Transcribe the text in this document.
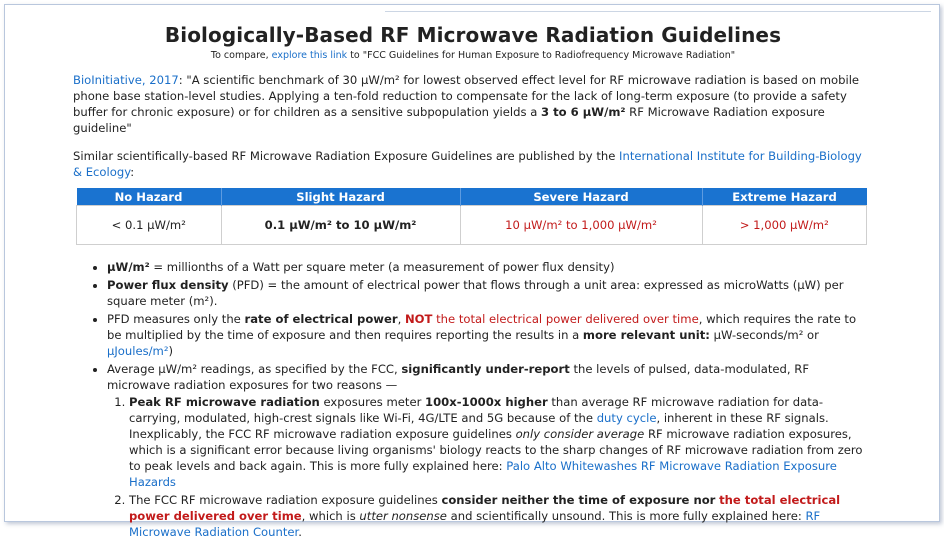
Biologically-Based RF Microwave Radiation Guidelines
To compare, explore this link to "FCC Guidelines for Human Exposure to Radiofrequency Microwave Radiation"

BioInitiative, 2017: "A scientific benchmark of 30 μW/m² for lowest observed effect level for RF microwave radiation is based on mobile phone base station-level studies. Applying a ten-fold reduction to compensate for the lack of long-term exposure (to provide a safety buffer for chronic exposure) or for children as a sensitive subpopulation yields a 3 to 6 μW/m² RF Microwave Radiation exposure guideline"

Similar scientifically-based RF Microwave Radiation Exposure Guidelines are published by the International Institute for Building-Biology & Ecology:

No Hazard	Slight Hazard	Severe Hazard	Extreme Hazard
< 0.1 μW/m²	0.1 μW/m² to 10 μW/m²	10 μW/m² to 1,000 μW/m²	> 1,000 μW/m²
• μW/m² = millionths of a Watt per square meter (a measurement of power flux density)
• Power flux density (PFD) = the amount of electrical power that flows through a unit area: expressed as microWatts (μW) per square meter (m²).
• PFD measures only the rate of electrical power, NOT the total electrical power delivered over time, which requires the rate to be multiplied by the time of exposure and then requires reporting the results in a more relevant unit: μW-seconds/m² or μJoules/m²)
• Average μW/m² readings, as specified by the FCC, significantly under-report the levels of pulsed, data-modulated, RF microwave radiation exposures for two reasons —
1. Peak RF microwave radiation exposures meter 100x-1000x higher than average RF microwave radiation for data-carrying, modulated, high-crest signals like Wi-Fi, 4G/LTE and 5G because of the duty cycle, inherent in these RF signals. Inexplicably, the FCC RF microwave radiation exposure guidelines only consider average RF microwave radiation exposures, which is a significant error because living organisms' biology reacts to the sharp changes of RF microwave radiation from zero to peak levels and back again. This is more fully explained here: Palo Alto Whitewashes RF Microwave Radiation Exposure Hazards
2. The FCC RF microwave radiation exposure guidelines consider neither the time of exposure nor the total electrical power delivered over time, which is utter nonsense and scientifically unsound. This is more fully explained here: RF Microwave Radiation Counter.
